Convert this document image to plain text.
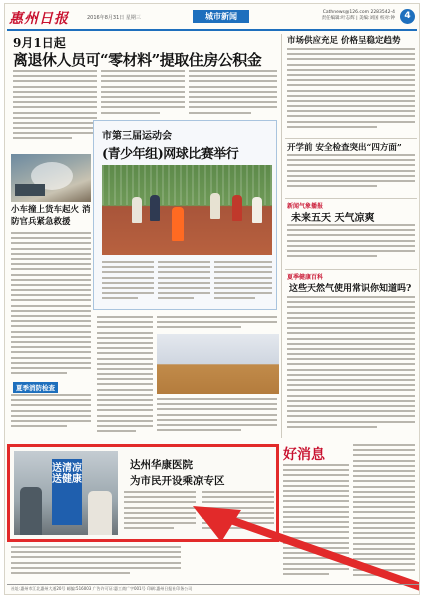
惠州日报	2016年8月31日 星期三	城市新闻	Cathnews@126.com 2283542-4
责任编辑:叶志辉 | 美编:刘国 校对:钟	4
9月1日起
离退休人员可“零材料”提取住房公积金
市场供应充足 价格呈稳定趋势
开学前 安全检查突出“四方面”
新闻气象播报
未来五天 天气凉爽
夏季健康百科
这些天然气使用常识你知道吗?
小车撞上货车起火 消防官兵紧急救援
夏季消防检查
市第三届运动会
(青少年组)网球比赛举行
送清凉送健康
达州华康医院
为市民开设乘凉专区
好消息
社址:惠州市江北惠州大道20号 邮编:516003 广告许可证:惠工商广字001号 印刷:惠州日报社印务公司
